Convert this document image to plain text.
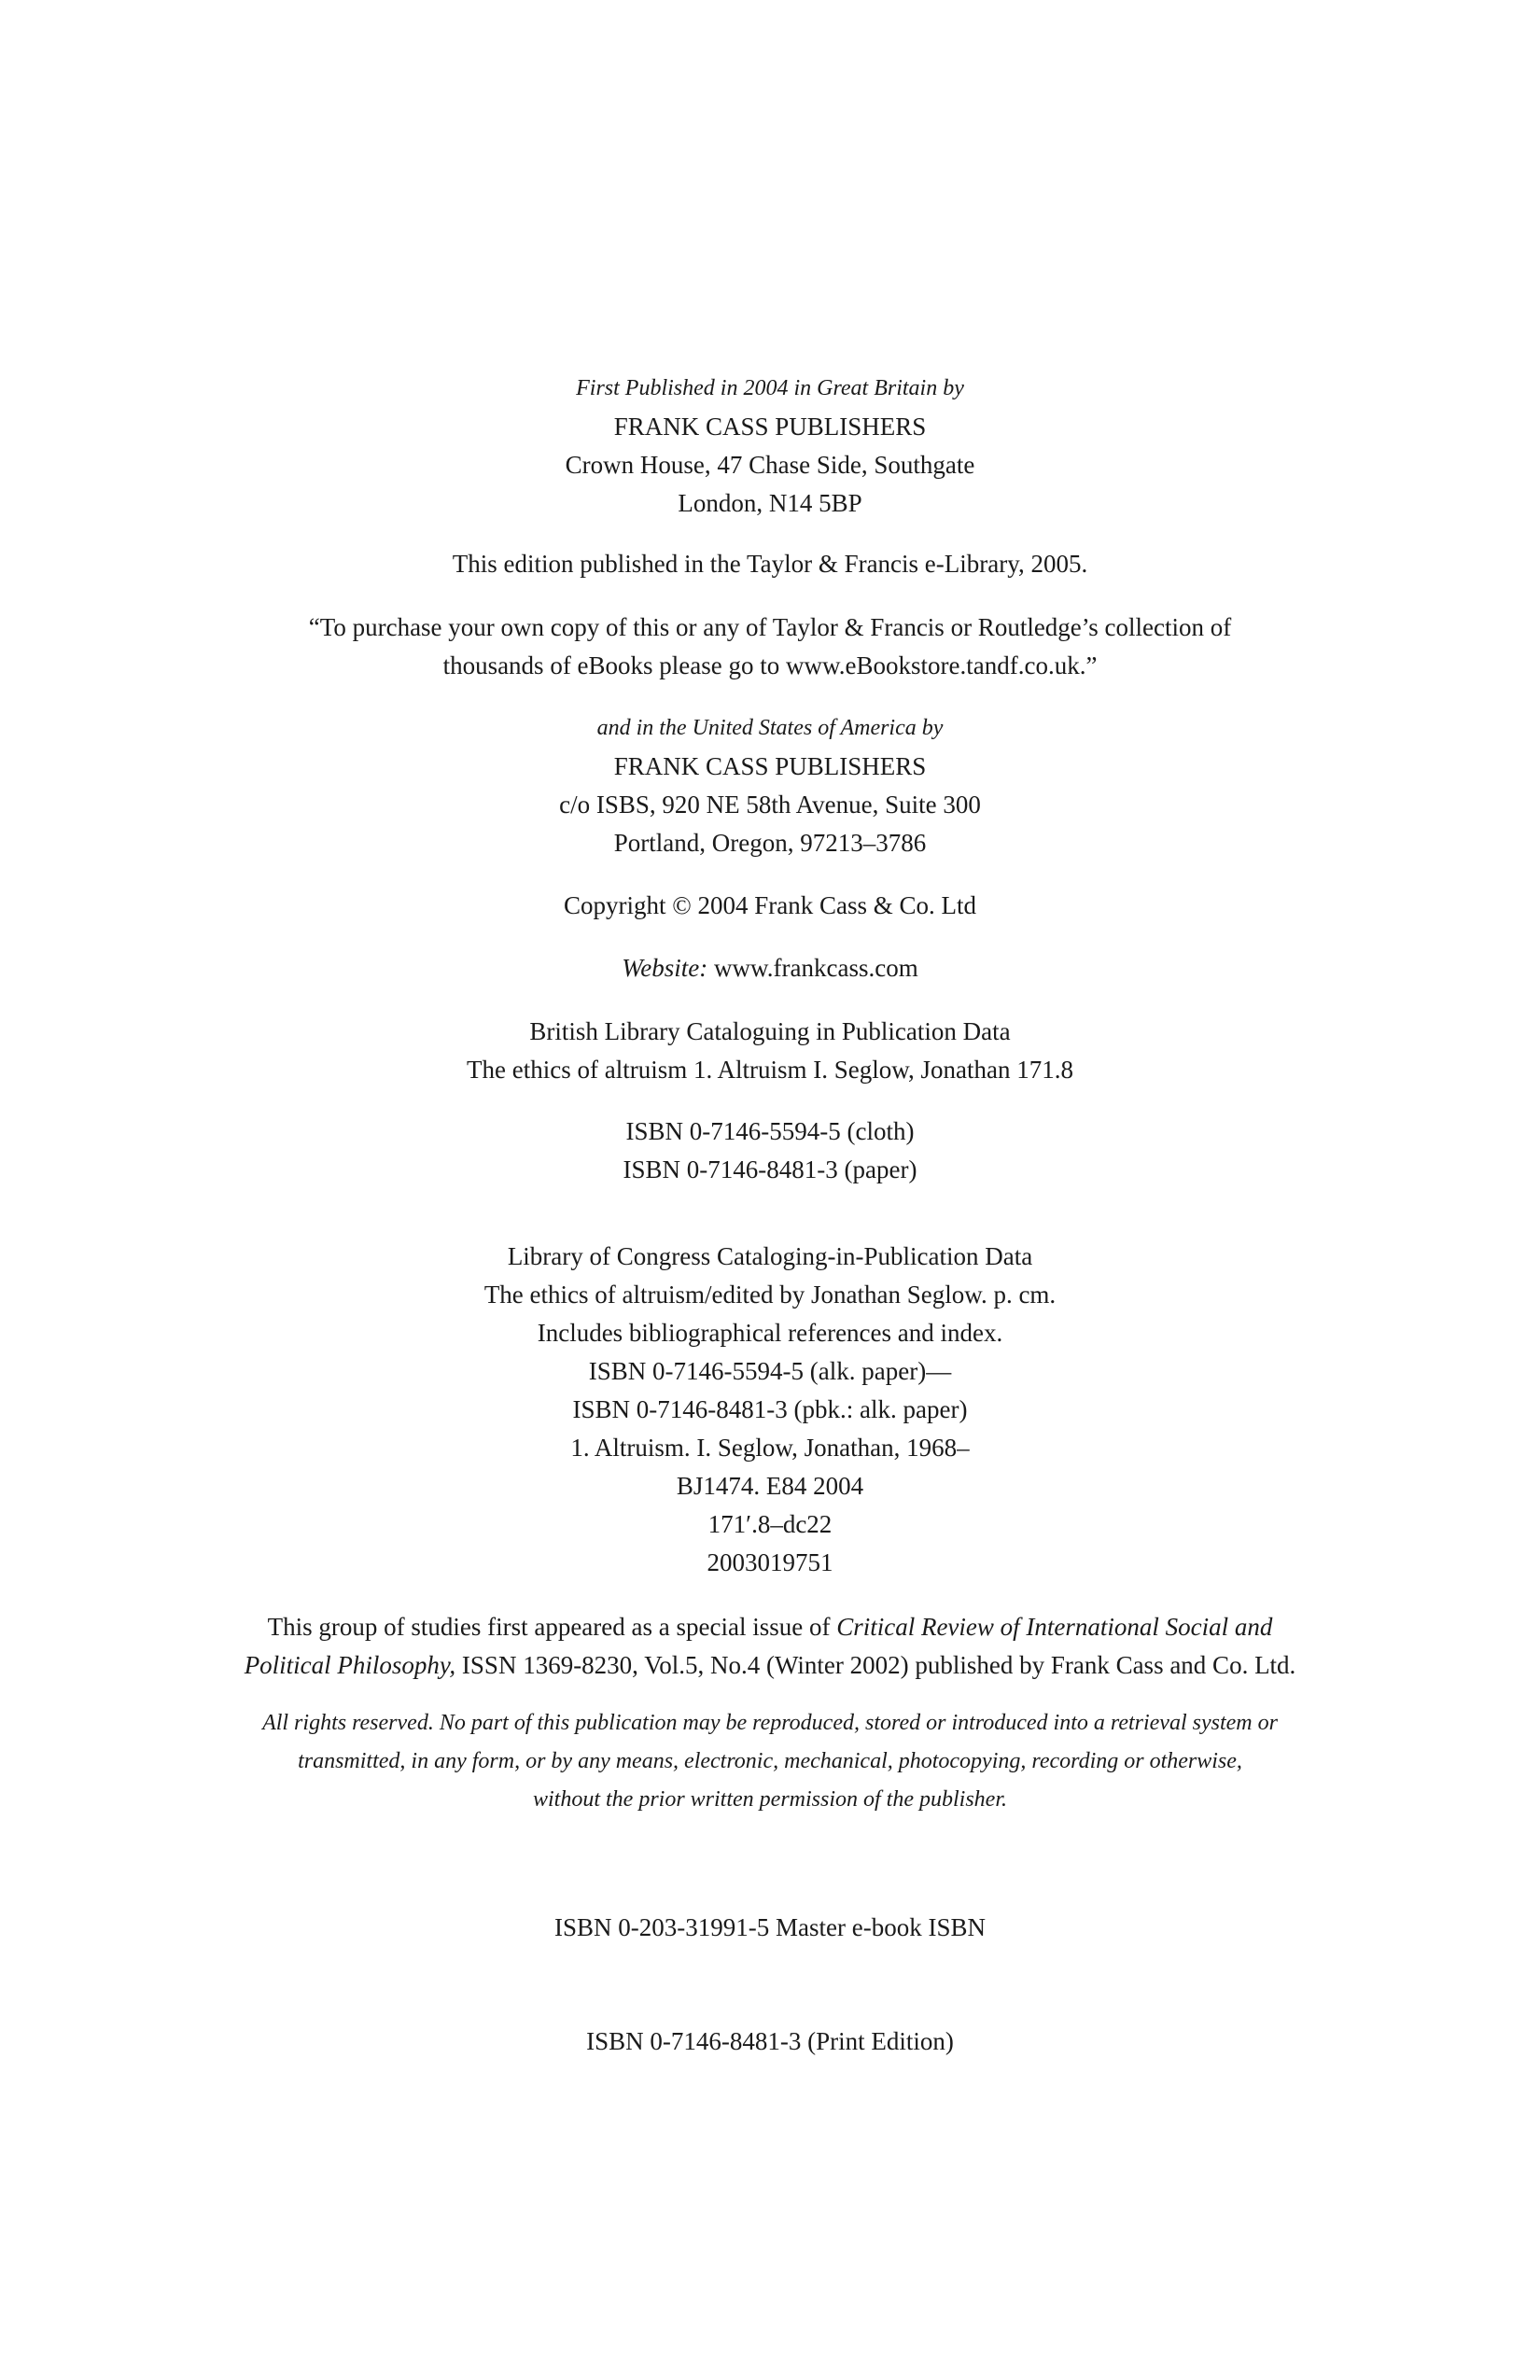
First Published in 2004 in Great Britain by
FRANK CASS PUBLISHERS
Crown House, 47 Chase Side, Southgate
London, N14 5BP
This edition published in the Taylor & Francis e-Library, 2005.
“To purchase your own copy of this or any of Taylor & Francis or Routledge’s collection of
thousands of eBooks please go to www.eBookstore.tandf.co.uk.”
and in the United States of America by
FRANK CASS PUBLISHERS
c/o ISBS, 920 NE 58th Avenue, Suite 300
Portland, Oregon, 97213–3786
Copyright © 2004 Frank Cass & Co. Ltd
Website: www.frankcass.com
British Library Cataloguing in Publication Data
The ethics of altruism 1. Altruism I. Seglow, Jonathan 171.8
ISBN 0-7146-5594-5 (cloth)
ISBN 0-7146-8481-3 (paper)
Library of Congress Cataloging-in-Publication Data
The ethics of altruism/edited by Jonathan Seglow. p. cm.
Includes bibliographical references and index.
ISBN 0-7146-5594-5 (alk. paper)—
ISBN 0-7146-8481-3 (pbk.: alk. paper)
1. Altruism. I. Seglow, Jonathan, 1968–
BJ1474. E84 2004
171′.8–dc22
2003019751
This group of studies first appeared as a special issue of Critical Review of International Social and
Political Philosophy, ISSN 1369-8230, Vol.5, No.4 (Winter 2002) published by Frank Cass and Co. Ltd.
All rights reserved. No part of this publication may be reproduced, stored or introduced into a retrieval system or
transmitted, in any form, or by any means, electronic, mechanical, photocopying, recording or otherwise,
without the prior written permission of the publisher.
ISBN 0-203-31991-5 Master e-book ISBN
ISBN 0-7146-8481-3 (Print Edition)
